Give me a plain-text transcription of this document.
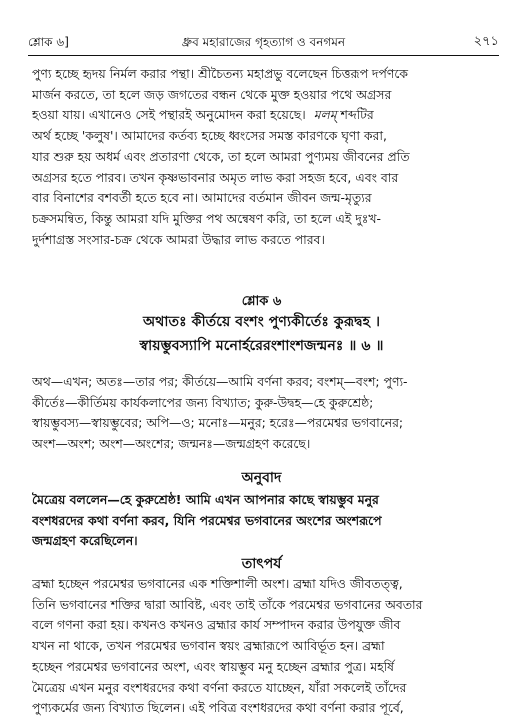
শ্লোক ৬]	ধ্রুব মহারাজের গৃহত্যাগ ও বনগমন	২৭১

পুণ্য হচ্ছে হৃদয় নির্মল করার পন্থা। শ্রীচৈতন্য মহাপ্রভু বলেছেন চিত্তরূপ দর্পণকে
মার্জন করতে, তা হলে জড় জগতের বন্ধন থেকে মুক্ত হওয়ার পথে অগ্রসর
হওয়া যায়। এখানেও সেই পন্থারই অনুমোদন করা হয়েছে। মলম্ শব্দটির
অর্থ হচ্ছে 'কলুষ'। আমাদের কর্তব্য হচ্ছে ধ্বংসের সমস্ত কারণকে ঘৃণা করা,
যার শুরু হয় অধর্ম এবং প্রতারণা থেকে, তা হলে আমরা পুণ্যময় জীবনের প্রতি
অগ্রসর হতে পারব। তখন কৃষ্ণভাবনার অমৃত লাভ করা সহজ হবে, এবং বার
বার বিনাশের বশবর্তী হতে হবে না। আমাদের বর্তমান জীবন জন্ম-মৃত্যুর
চক্রসমন্বিত, কিন্তু আমরা যদি মুক্তির পথ অন্বেষণ করি, তা হলে এই দুঃখ-
দুর্দশাগ্রস্ত সংসার-চক্র থেকে আমরা উদ্ধার লাভ করতে পারব।

শ্লোক ৬
অথাতঃ কীর্তয়ে বংশং পুণ্যকীর্তেঃ কুরূদ্বহ ।
স্বায়ম্ভুবস্যাপি মনোর্হরেরংশাংশজন্মনঃ ॥ ৬ ॥

অথ—এখন; অতঃ—তার পর; কীর্তয়ে—আমি বর্ণনা করব; বংশম্—বংশ; পুণ্য-
কীর্তেঃ—কীর্তিময় কার্যকলাপের জন্য বিখ্যাত; কুরু-উদ্বহ—হে কুরুশ্রেষ্ঠ;
স্বায়ম্ভুবস্য—স্বায়ম্ভুবের; অপি—ও; মনোঃ—মনুর; হরেঃ—পরমেশ্বর ভগবানের;
অংশ—অংশ; অংশ—অংশের; জন্মনঃ—জন্মগ্রহণ করেছে।

অনুবাদ

মৈত্রেয় বললেন—হে কুরুশ্রেষ্ঠ! আমি এখন আপনার কাছে স্বায়ম্ভুব মনুর
বংশধরদের কথা বর্ণনা করব, যিনি পরমেশ্বর ভগবানের অংশের অংশরূপে
জন্মগ্রহণ করেছিলেন।

তাৎপর্য

ব্রহ্মা হচ্ছেন পরমেশ্বর ভগবানের এক শক্তিশালী অংশ। ব্রহ্মা যদিও জীবতত্ত্ব,
তিনি ভগবানের শক্তির দ্বারা আবিষ্ট, এবং তাই তাঁকে পরমেশ্বর ভগবানের অবতার
বলে গণনা করা হয়। কখনও কখনও ব্রহ্মার কার্য সম্পাদন করার উপযুক্ত জীব
যখন না থাকে, তখন পরমেশ্বর ভগবান স্বয়ং ব্রহ্মারূপে আবির্ভূত হন। ব্রহ্মা
হচ্ছেন পরমেশ্বর ভগবানের অংশ, এবং স্বায়ম্ভুব মনু হচ্ছেন ব্রহ্মার পুত্র। মহর্ষি
মৈত্রেয় এখন মনুর বংশধরদের কথা বর্ণনা করতে যাচ্ছেন, যাঁরা সকলেই তাঁদের
পুণ্যকর্মের জন্য বিখ্যাত ছিলেন। এই পবিত্র বংশধরদের কথা বর্ণনা করার পূর্বে,
